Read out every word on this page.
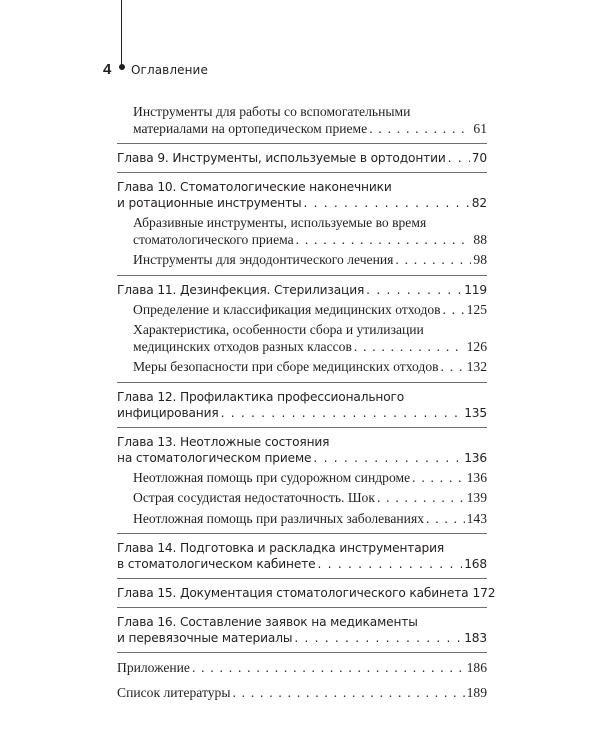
4 Оглавление
Инструменты для работы со вспомогательными
материалами на ортопедическом приеме . . .	61
Глава 9. Инструменты, используемые в ортодонтии . . . 70
Глава 10. Стоматологические наконечники
и ротационные инструменты . . .	82
Абразивные инструменты, используемые во время
стоматологического приема . . .	88
Инструменты для эндодонтического лечения . . .	98
Глава 11. Дезинфекция. Стерилизация . . .	119
Определение и классификация медицинских отходов . . . 125
Характеристика, особенности сбора и утилизации
медицинских отходов разных классов . . .	126
Меры безопасности при сборе медицинских отходов . . . 132
Глава 12. Профилактика профессионального
инфицирования . . .	135
Глава 13. Неотложные состояния
на стоматологическом приеме . . .	136
Неотложная помощь при судорожном синдроме . . .	136
Острая сосудистая недостаточность. Шок . . .	139
Неотложная помощь при различных заболеваниях . . .	143
Глава 14. Подготовка и раскладка инструментария
в стоматологическом кабинете . . .	168
Глава 15. Документация стоматологического кабинета 172
Глава 16. Составление заявок на медикаменты
и перевязочные материалы . . .	183
Приложение . . .	186
Список литературы . . .	189
